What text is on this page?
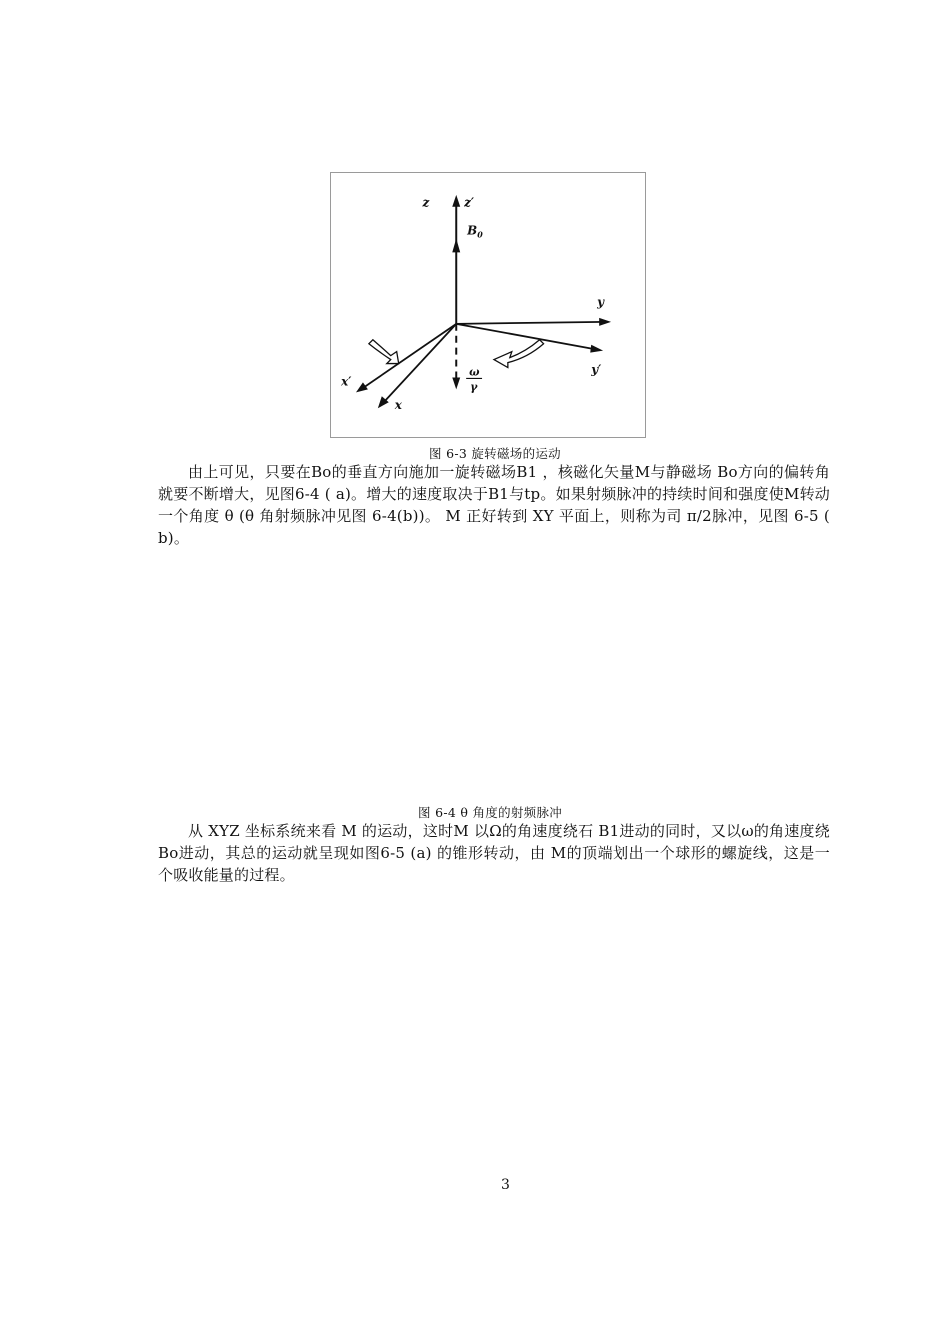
z	z′
$B_0$
y
y′
x
x′
ω
γ
图 6-3 旋转磁场的运动

由上可见，只要在Bo的垂直方向施加一旋转磁场B1 ，核磁化矢量M与静磁场 Bo方向的偏转角就要不断增大，见图6-4 ( a)。增大的速度取决于B1与tp。如果射频脉冲的持续时间和强度使M转动一个角度 θ (θ 角射频脉冲见图 6-4(b))。 M 正好转到 XY 平面上，则称为司 π/2脉冲，见图 6-5 ( b)。

图 6-4 θ 角度的射频脉冲

从 XYZ 坐标系统来看 M 的运动，这时M 以Ω的角速度绕石 B1进动的同时，又以ω的角速度绕Bo进动，其总的运动就呈现如图6-5 (a) 的锥形转动，由 M的顶端划出一个球形的螺旋线，这是一个吸收能量的过程。

3
